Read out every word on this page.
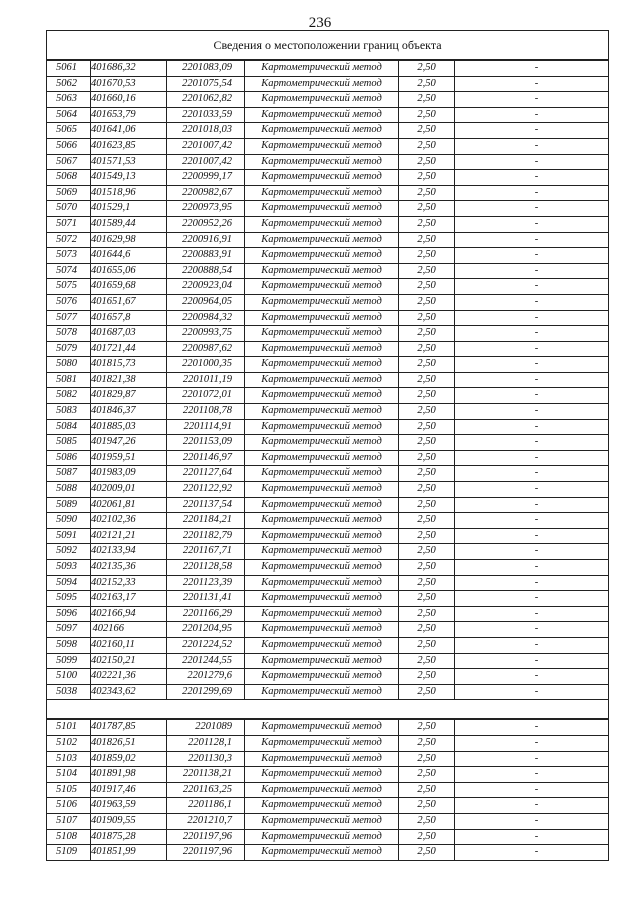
236
Сведения о местоположении границ объекта					
5061	401686,32	2201083,09	Картометрический метод	2,50	-
5062	401670,53	2201075,54	Картометрический метод	2,50	-
5063	401660,16	2201062,82	Картометрический метод	2,50	-
5064	401653,79	2201033,59	Картометрический метод	2,50	-
5065	401641,06	2201018,03	Картометрический метод	2,50	-
5066	401623,85	2201007,42	Картометрический метод	2,50	-
5067	401571,53	2201007,42	Картометрический метод	2,50	-
5068	401549,13	2200999,17	Картометрический метод	2,50	-
5069	401518,96	2200982,67	Картометрический метод	2,50	-
5070	401529,1	2200973,95	Картометрический метод	2,50	-
5071	401589,44	2200952,26	Картометрический метод	2,50	-
5072	401629,98	2200916,91	Картометрический метод	2,50	-
5073	401644,6	2200883,91	Картометрический метод	2,50	-
5074	401655,06	2200888,54	Картометрический метод	2,50	-
5075	401659,68	2200923,04	Картометрический метод	2,50	-
5076	401651,67	2200964,05	Картометрический метод	2,50	-
5077	401657,8	2200984,32	Картометрический метод	2,50	-
5078	401687,03	2200993,75	Картометрический метод	2,50	-
5079	401721,44	2200987,62	Картометрический метод	2,50	-
5080	401815,73	2201000,35	Картометрический метод	2,50	-
5081	401821,38	2201011,19	Картометрический метод	2,50	-
5082	401829,87	2201072,01	Картометрический метод	2,50	-
5083	401846,37	2201108,78	Картометрический метод	2,50	-
5084	401885,03	2201114,91	Картометрический метод	2,50	-
5085	401947,26	2201153,09	Картометрический метод	2,50	-
5086	401959,51	2201146,97	Картометрический метод	2,50	-
5087	401983,09	2201127,64	Картометрический метод	2,50	-
5088	402009,01	2201122,92	Картометрический метод	2,50	-
5089	402061,81	2201137,54	Картометрический метод	2,50	-
5090	402102,36	2201184,21	Картометрический метод	2,50	-
5091	402121,21	2201182,79	Картометрический метод	2,50	-
5092	402133,94	2201167,71	Картометрический метод	2,50	-
5093	402135,36	2201128,58	Картометрический метод	2,50	-
5094	402152,33	2201123,39	Картометрический метод	2,50	-
5095	402163,17	2201131,41	Картометрический метод	2,50	-
5096	402166,94	2201166,29	Картометрический метод	2,50	-
5097	402166	2201204,95	Картометрический метод	2,50	-
5098	402160,11	2201224,52	Картометрический метод	2,50	-
5099	402150,21	2201244,55	Картометрический метод	2,50	-
5100	402221,36	2201279,6	Картометрический метод	2,50	-
5038	402343,62	2201299,69	Картометрический метод	2,50	-

5101	401787,85	2201089	Картометрический метод	2,50	-
5102	401826,51	2201128,1	Картометрический метод	2,50	-
5103	401859,02	2201130,3	Картометрический метод	2,50	-
5104	401891,98	2201138,21	Картометрический метод	2,50	-
5105	401917,46	2201163,25	Картометрический метод	2,50	-
5106	401963,59	2201186,1	Картометрический метод	2,50	-
5107	401909,55	2201210,7	Картометрический метод	2,50	-
5108	401875,28	2201197,96	Картометрический метод	2,50	-
5109	401851,99	2201197,96	Картометрический метод	2,50	-
